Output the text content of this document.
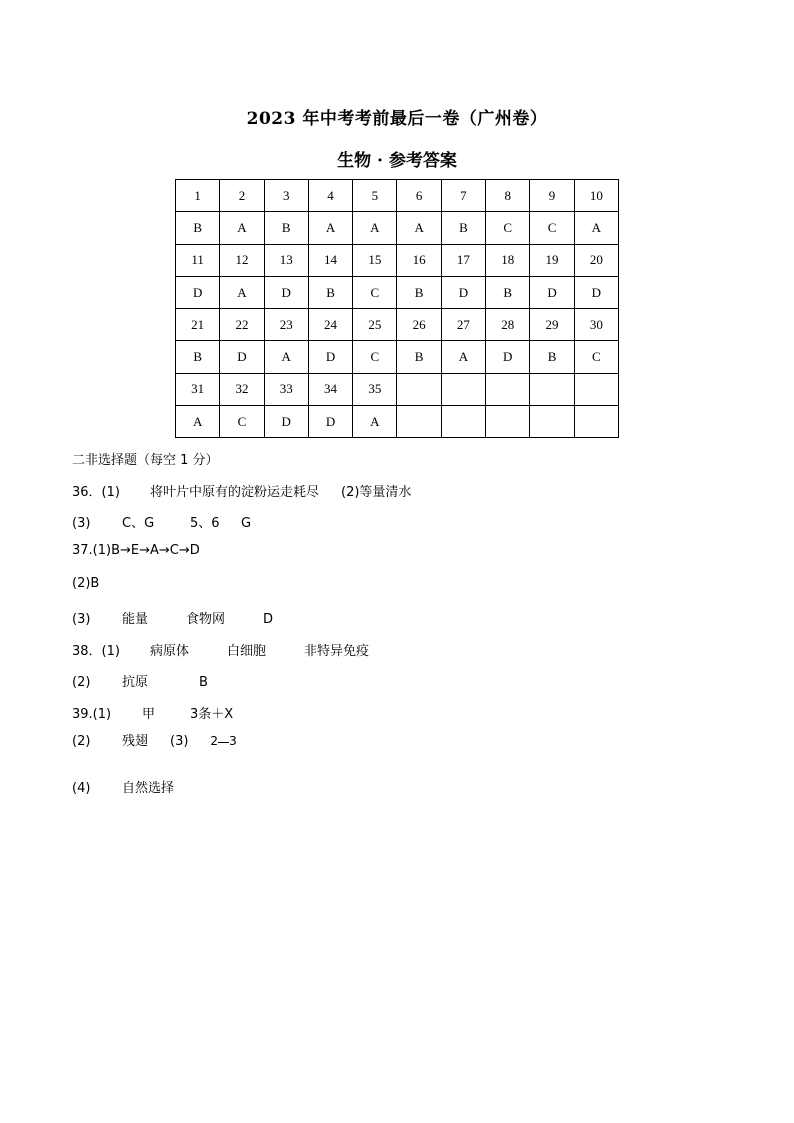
2023 年中考考前最后一卷（广州卷）
生物 · 参考答案
1	2	3	4	5	6	7	8	9	10
B	A	B	A	A	A	B	C	C	A
11	12	13	14	15	16	17	18	19	20
D	A	D	B	C	B	D	B	D	D
21	22	23	24	25	26	27	28	29	30
B	D	A	D	C	B	A	D	B	C
31	32	33	34	35					
A	C	D	D	A					
二非选择题（每空 1 分）
36．(1) 将叶片中原有的淀粉运走耗尽 (2)等量清水
(3) C、G	5、6 G
37.(1)B→E→A→C→D
(2)B
(3) 能量	食物网	D
38．(1) 病原体	白细胞	非特异免疫
(2) 抗原	B
39.(1) 甲	3条＋X
(2) 残翅 (3) 2 3
(4) 自然选择
